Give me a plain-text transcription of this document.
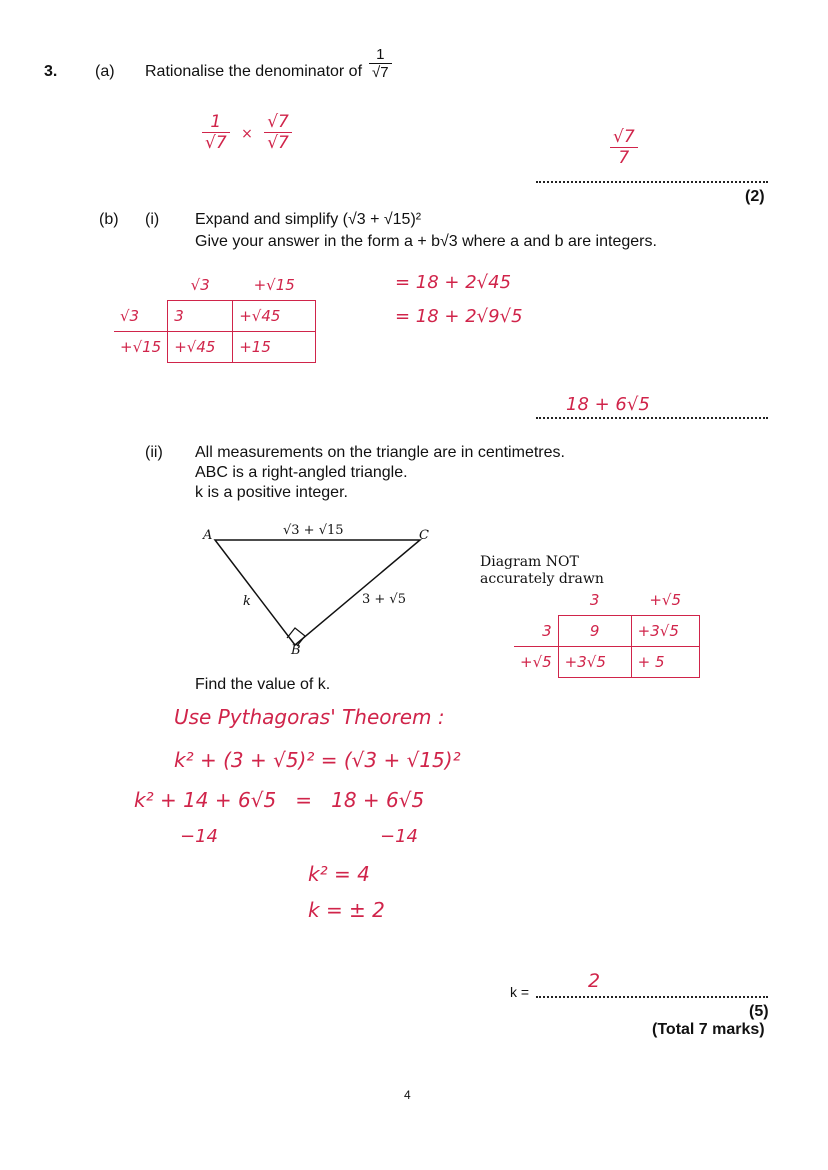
3. (a) Rationalise the denominator of $\frac{1}{√7}$
$\frac{1}{√7} \times \frac{√7}{√7}$	$\frac{√7}{7}$
(2)
(b) (i) Expand and simplify (√3 + √15)²
Give your answer in the form a + b√3 where a and b are integers.
	√3	+√15
√3	3	+√45
+√15	+√45	+15
= 18 + 2√45
= 18 + 2√9√5
18 + 6√5
(ii) All measurements on the triangle are in centimetres.
ABC is a right-angled triangle.
k is a positive integer.
A	C
B
√3 + √15
k	3 + √5
Diagram NOT
accurately drawn
	3	+√5
3	9	+3√5
+√5	+3√5	+ 5
Find the value of k.
Use Pythagoras' Theorem :
k² + (3 + √5)² = (√3 + √15)²
k² + 14 + 6√5   =   18 + 6√5
−14	−14
k² = 4
k = ± 2
k =	2
(5)
(Total 7 marks)
4
